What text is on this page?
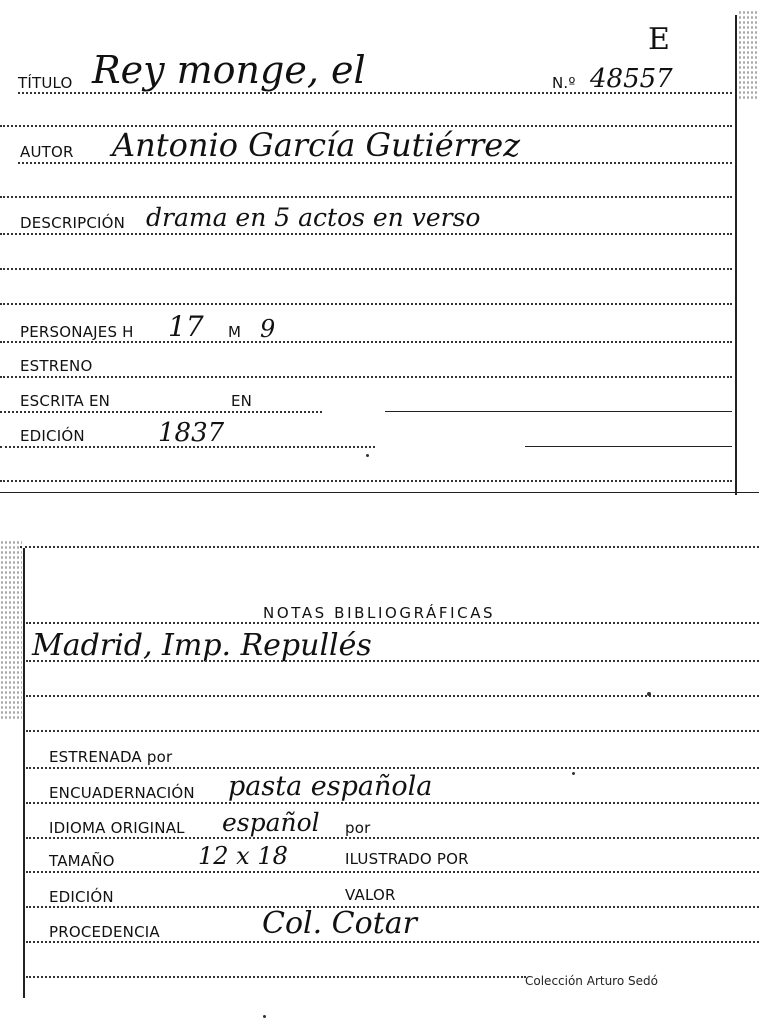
E
TÍTULO Rey monge, el	N.º 48557
AUTOR Antonio García Gutiérrez
DESCRIPCIÓN drama en 5 actos en verso
PERSONAJES H 17 M 9
ESTRENO
ESCRITA EN	EN
EDICIÓN	1837
NOTAS BIBLIOGRÁFICAS
Madrid, Imp. Repullés
ESTRENADA por
ENCUADERNACIÓN pasta española
IDIOMA ORIGINAL español por
TAMAÑO	12 x 18	ILUSTRADO POR
EDICIÓN	VALOR
PROCEDENCIA	Col. Cotar
Colección Arturo Sedó
